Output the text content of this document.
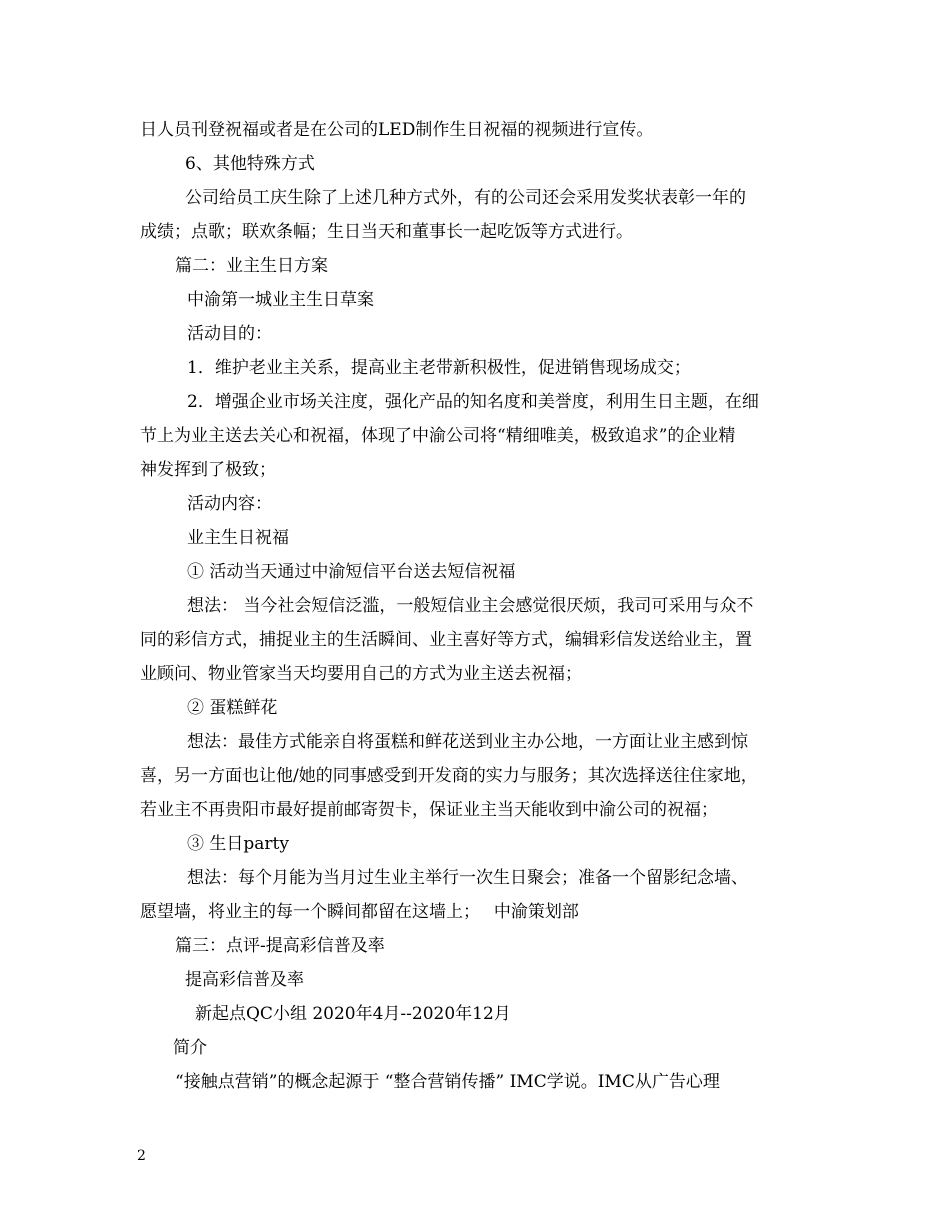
日人员刊登祝福或者是在公司的LED制作生日祝福的视频进行宣传。
6、其他特殊方式
公司给员工庆生除了上述几种方式外，有的公司还会采用发奖状表彰一年的
成绩；点歌；联欢条幅；生日当天和董事长一起吃饭等方式进行。
篇二：业主生日方案
中渝第一城业主生日草案
活动目的：
1．维护老业主关系，提高业主老带新积极性，促进销售现场成交；
2．增强企业市场关注度，强化产品的知名度和美誉度，利用生日主题，在细
节上为业主送去关心和祝福，体现了中渝公司将“精细唯美，极致追求”的企业精
神发挥到了极致；
活动内容：
业主生日祝福
① 活动当天通过中渝短信平台送去短信祝福
想法： 当今社会短信泛滥，一般短信业主会感觉很厌烦，我司可采用与众不
同的彩信方式，捕捉业主的生活瞬间、业主喜好等方式，编辑彩信发送给业主，置
业顾问、物业管家当天均要用自己的方式为业主送去祝福；
② 蛋糕鲜花
想法：最佳方式能亲自将蛋糕和鲜花送到业主办公地，一方面让业主感到惊
喜，另一方面也让他/她的同事感受到开发商的实力与服务；其次选择送往住家地，
若业主不再贵阳市最好提前邮寄贺卡，保证业主当天能收到中渝公司的祝福；
③ 生日party
想法：每个月能为当月过生业主举行一次生日聚会；准备一个留影纪念墙、
愿望墙，将业主的每一个瞬间都留在这墙上；　 中渝策划部
篇三：点评-提高彩信普及率
提高彩信普及率
新起点QC小组 2020年4月--2020年12月
简介
“接触点营销”的概念起源于 “整合营销传播” IMC学说。IMC从广告心理
2
